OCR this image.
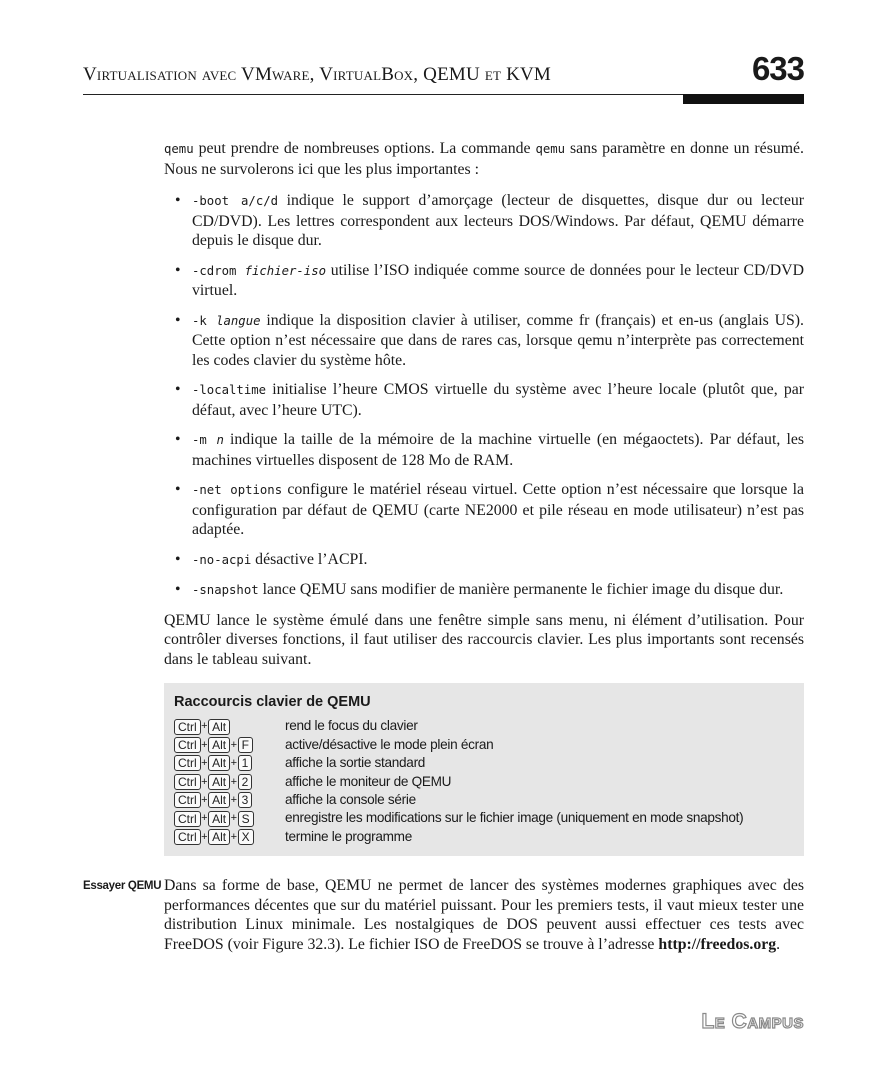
Virtualisation avec VMware, VirtualBox, QEMU et KVM	633

qemu peut prendre de nombreuses options. La commande qemu sans paramètre en donne un résumé. Nous ne survolerons ici que les plus importantes :

• -boot a/c/d indique le support d’amorçage (lecteur de disquettes, disque dur ou lecteur CD/DVD). Les lettres correspondent aux lecteurs DOS/Windows. Par défaut, QEMU démarre depuis le disque dur.
• -cdrom fichier-iso utilise l’ISO indiquée comme source de données pour le lecteur CD/DVD virtuel.
• -k langue indique la disposition clavier à utiliser, comme fr (français) et en-us (anglais US). Cette option n’est nécessaire que dans de rares cas, lorsque qemu n’interprète pas correctement les codes clavier du système hôte.
• -localtime initialise l’heure CMOS virtuelle du système avec l’heure locale (plutôt que, par défaut, avec l’heure UTC).
• -m n indique la taille de la mémoire de la machine virtuelle (en mégaoctets). Par défaut, les machines virtuelles disposent de 128 Mo de RAM.
• -net options configure le matériel réseau virtuel. Cette option n’est nécessaire que lorsque la configuration par défaut de QEMU (carte NE2000 et pile réseau en mode utilisateur) n’est pas adaptée.
• -no-acpi désactive l’ACPI.
• -snapshot lance QEMU sans modifier de manière permanente le fichier image du disque dur.

QEMU lance le système émulé dans une fenêtre simple sans menu, ni élément d’utilisation. Pour contrôler diverses fonctions, il faut utiliser des raccourcis clavier. Les plus importants sont recensés dans le tableau suivant.

Raccourcis clavier de QEMU
Ctrl + Alt	rend le focus du clavier
Ctrl + Alt + F	active/désactive le mode plein écran
Ctrl + Alt + 1	affiche la sortie standard
Ctrl + Alt + 2	affiche le moniteur de QEMU
Ctrl + Alt + 3	affiche la console série
Ctrl + Alt + S	enregistre les modifications sur le fichier image (uniquement en mode snapshot)
Ctrl + Alt + X	termine le programme

Essayer QEMU Dans sa forme de base, QEMU ne permet de lancer des systèmes modernes graphiques avec des performances décentes que sur du matériel puissant. Pour les premiers tests, il vaut mieux tester une distribution Linux minimale. Les nostalgiques de DOS peuvent aussi effectuer ces tests avec FreeDOS (voir Figure 32.3). Le fichier ISO de FreeDOS se trouve à l’adresse http://freedos.org.

Le Campus
